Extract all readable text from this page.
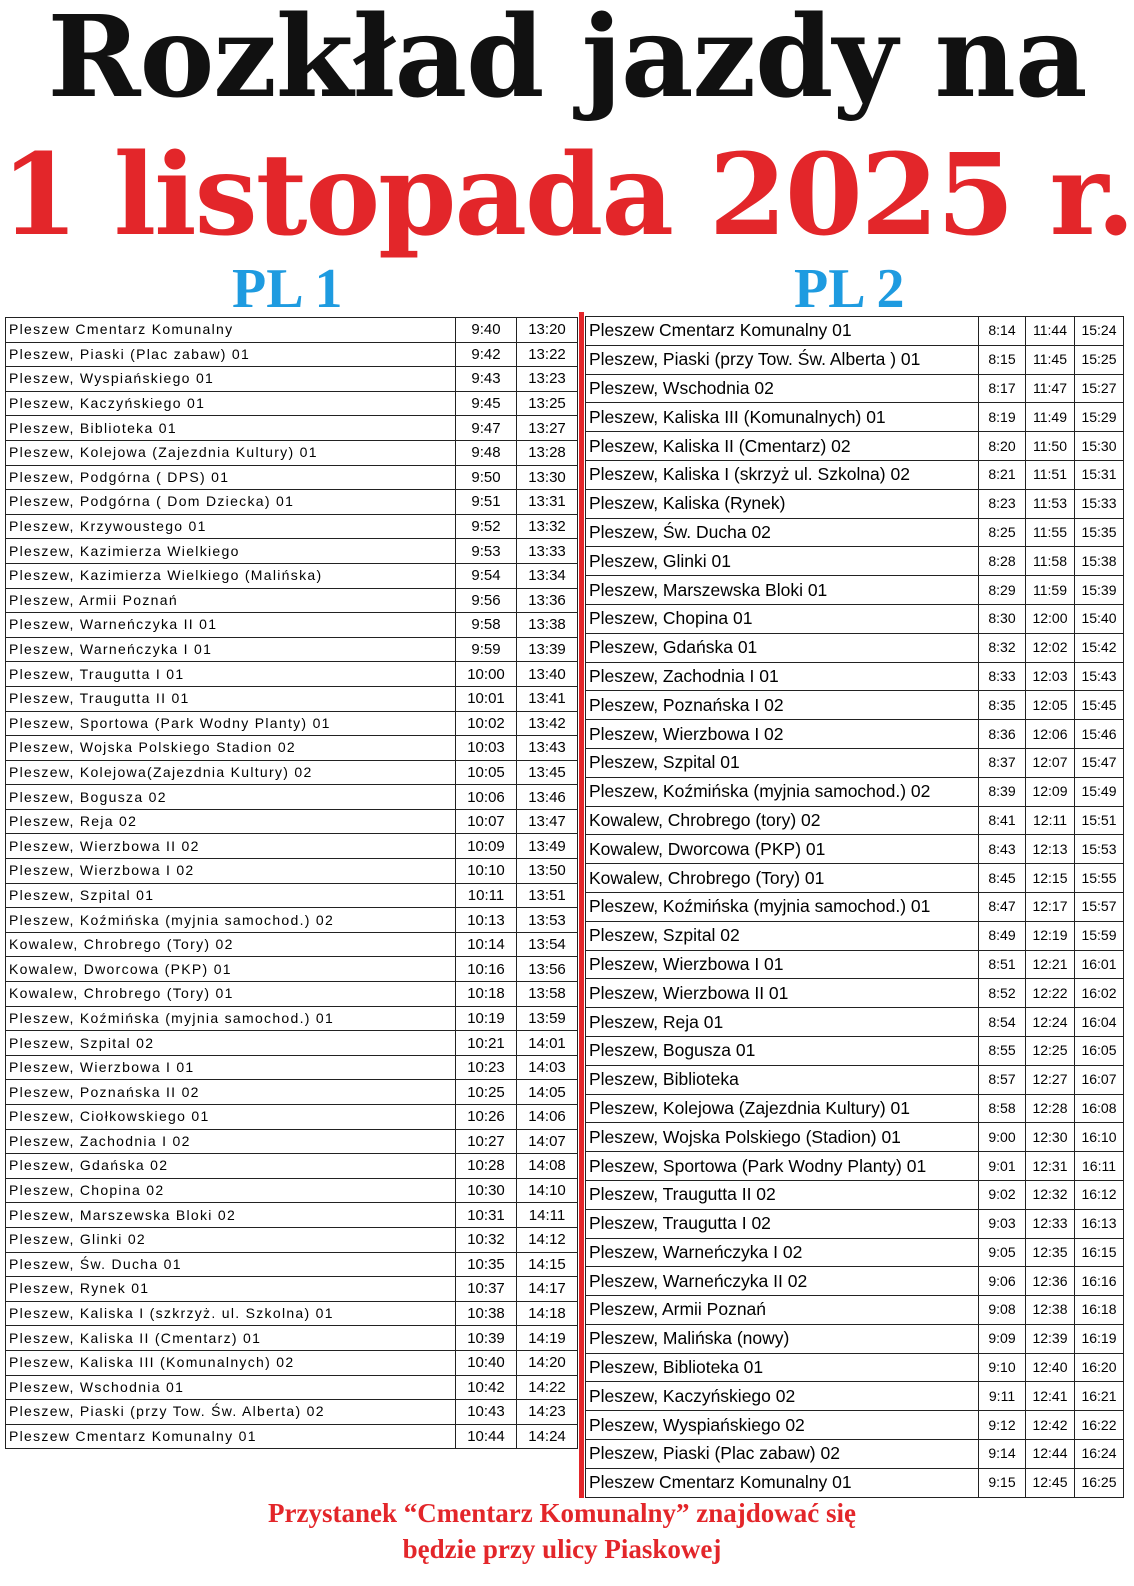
Rozkład jazdy na
1 listopada 2025 r.
PL 1	PL 2
Pleszew Cmentarz Komunalny	9:40	13:20
Pleszew, Piaski (Plac zabaw) 01	9:42	13:22
Pleszew, Wyspiańskiego 01	9:43	13:23
Pleszew, Kaczyńskiego 01	9:45	13:25
Pleszew, Biblioteka 01	9:47	13:27
Pleszew, Kolejowa (Zajezdnia Kultury) 01	9:48	13:28
Pleszew, Podgórna ( DPS) 01	9:50	13:30
Pleszew, Podgórna ( Dom Dziecka) 01	9:51	13:31
Pleszew, Krzywoustego 01	9:52	13:32
Pleszew, Kazimierza Wielkiego	9:53	13:33
Pleszew, Kazimierza Wielkiego (Malińska)	9:54	13:34
Pleszew, Armii Poznań	9:56	13:36
Pleszew, Warneńczyka II 01	9:58	13:38
Pleszew, Warneńczyka I 01	9:59	13:39
Pleszew, Traugutta I 01	10:00	13:40
Pleszew, Traugutta II 01	10:01	13:41
Pleszew, Sportowa (Park Wodny Planty) 01	10:02	13:42
Pleszew, Wojska Polskiego Stadion 02	10:03	13:43
Pleszew, Kolejowa(Zajezdnia Kultury) 02	10:05	13:45
Pleszew, Bogusza 02	10:06	13:46
Pleszew, Reja 02	10:07	13:47
Pleszew, Wierzbowa II 02	10:09	13:49
Pleszew, Wierzbowa I 02	10:10	13:50
Pleszew, Szpital 01	10:11	13:51
Pleszew, Koźmińska (myjnia samochod.) 02	10:13	13:53
Kowalew, Chrobrego (Tory) 02	10:14	13:54
Kowalew, Dworcowa (PKP) 01	10:16	13:56
Kowalew, Chrobrego (Tory) 01	10:18	13:58
Pleszew, Koźmińska (myjnia samochod.) 01	10:19	13:59
Pleszew, Szpital 02	10:21	14:01
Pleszew, Wierzbowa I 01	10:23	14:03
Pleszew, Poznańska II 02	10:25	14:05
Pleszew, Ciołkowskiego 01	10:26	14:06
Pleszew, Zachodnia I 02	10:27	14:07
Pleszew, Gdańska 02	10:28	14:08
Pleszew, Chopina 02	10:30	14:10
Pleszew, Marszewska Bloki 02	10:31	14:11
Pleszew, Glinki 02	10:32	14:12
Pleszew, Św. Ducha 01	10:35	14:15
Pleszew, Rynek 01	10:37	14:17
Pleszew, Kaliska I (szkrzyż. ul. Szkolna) 01	10:38	14:18
Pleszew, Kaliska II (Cmentarz) 01	10:39	14:19
Pleszew, Kaliska III (Komunalnych) 02	10:40	14:20
Pleszew, Wschodnia 01	10:42	14:22
Pleszew, Piaski (przy Tow. Św. Alberta) 02	10:43	14:23
Pleszew Cmentarz Komunalny 01	10:44	14:24
Pleszew Cmentarz Komunalny 01	8:14	11:44	15:24
Pleszew, Piaski (przy Tow. Św. Alberta ) 01	8:15	11:45	15:25
Pleszew, Wschodnia 02	8:17	11:47	15:27
Pleszew, Kaliska III (Komunalnych) 01	8:19	11:49	15:29
Pleszew, Kaliska II (Cmentarz) 02	8:20	11:50	15:30
Pleszew, Kaliska I (skrzyż ul. Szkolna) 02	8:21	11:51	15:31
Pleszew, Kaliska (Rynek)	8:23	11:53	15:33
Pleszew, Św. Ducha 02	8:25	11:55	15:35
Pleszew, Glinki 01	8:28	11:58	15:38
Pleszew, Marszewska Bloki 01	8:29	11:59	15:39
Pleszew, Chopina 01	8:30	12:00	15:40
Pleszew, Gdańska 01	8:32	12:02	15:42
Pleszew, Zachodnia I 01	8:33	12:03	15:43
Pleszew, Poznańska I 02	8:35	12:05	15:45
Pleszew, Wierzbowa I 02	8:36	12:06	15:46
Pleszew, Szpital 01	8:37	12:07	15:47
Pleszew, Koźmińska (myjnia samochod.) 02	8:39	12:09	15:49
Kowalew, Chrobrego (tory) 02	8:41	12:11	15:51
Kowalew, Dworcowa (PKP) 01	8:43	12:13	15:53
Kowalew, Chrobrego (Tory) 01	8:45	12:15	15:55
Pleszew, Koźmińska (myjnia samochod.) 01	8:47	12:17	15:57
Pleszew, Szpital 02	8:49	12:19	15:59
Pleszew, Wierzbowa I 01	8:51	12:21	16:01
Pleszew, Wierzbowa II 01	8:52	12:22	16:02
Pleszew, Reja 01	8:54	12:24	16:04
Pleszew, Bogusza 01	8:55	12:25	16:05
Pleszew, Biblioteka	8:57	12:27	16:07
Pleszew, Kolejowa (Zajezdnia Kultury) 01	8:58	12:28	16:08
Pleszew, Wojska Polskiego (Stadion) 01	9:00	12:30	16:10
Pleszew, Sportowa (Park Wodny Planty) 01	9:01	12:31	16:11
Pleszew, Traugutta II 02	9:02	12:32	16:12
Pleszew, Traugutta I 02	9:03	12:33	16:13
Pleszew, Warneńczyka I 02	9:05	12:35	16:15
Pleszew, Warneńczyka II 02	9:06	12:36	16:16
Pleszew, Armii Poznań	9:08	12:38	16:18
Pleszew, Malińska (nowy)	9:09	12:39	16:19
Pleszew, Biblioteka 01	9:10	12:40	16:20
Pleszew, Kaczyńskiego 02	9:11	12:41	16:21
Pleszew, Wyspiańskiego 02	9:12	12:42	16:22
Pleszew, Piaski (Plac zabaw) 02	9:14	12:44	16:24
Pleszew Cmentarz Komunalny 01	9:15	12:45	16:25
Przystanek “Cmentarz Komunalny” znajdować się
będzie przy ulicy Piaskowej
